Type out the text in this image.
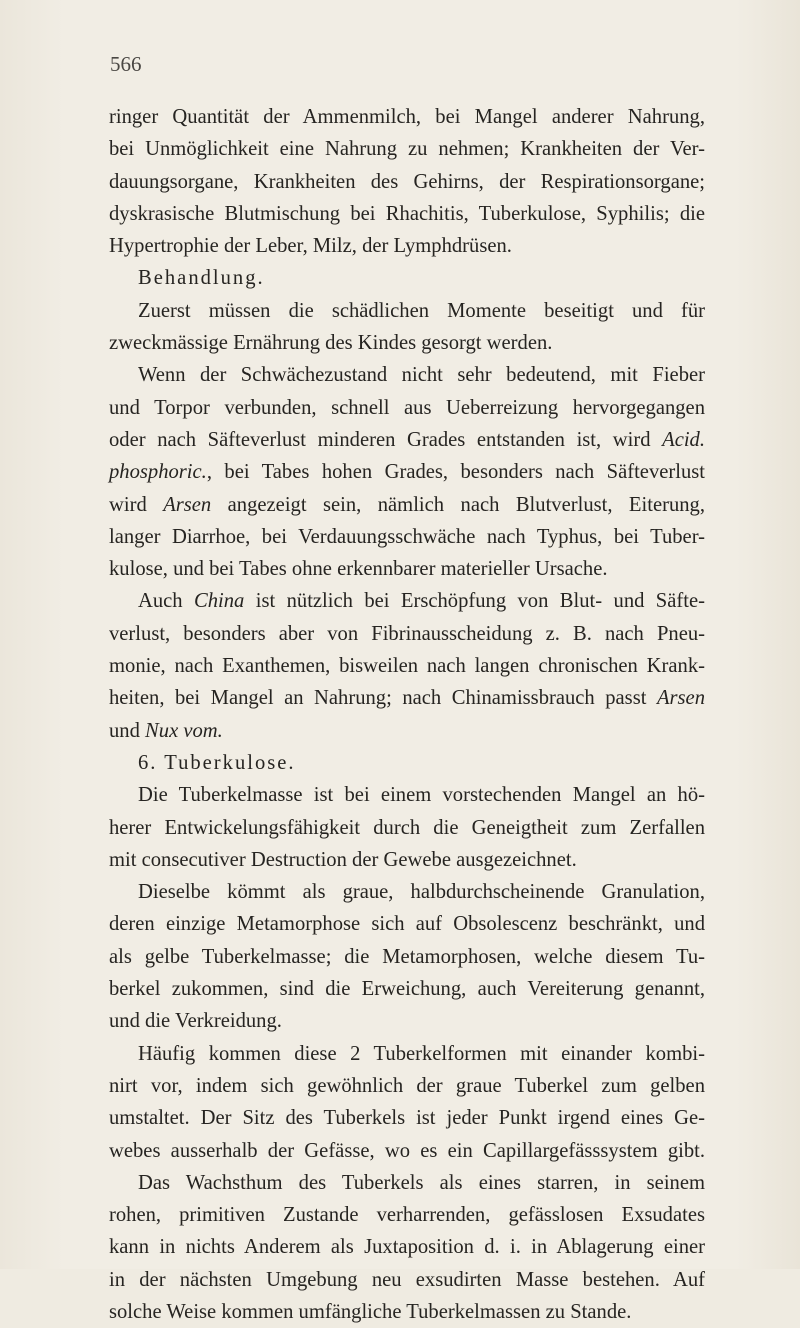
566
ringer Quantität der Ammenmilch, bei Mangel anderer Nahrung,
bei Unmöglichkeit eine Nahrung zu nehmen; Krankheiten der Ver-
dauungsorgane, Krankheiten des Gehirns, der Respirationsorgane;
dyskrasische Blutmischung bei Rhachitis, Tuberkulose, Syphilis; die
Hypertrophie der Leber, Milz, der Lymphdrüsen.
Behandlung.
Zuerst müssen die schädlichen Momente beseitigt und für
zweckmässige Ernährung des Kindes gesorgt werden.
Wenn der Schwächezustand nicht sehr bedeutend, mit Fieber
und Torpor verbunden, schnell aus Ueberreizung hervorgegangen
oder nach Säfteverlust minderen Grades entstanden ist, wird Acid.
phosphoric., bei Tabes hohen Grades, besonders nach Säfteverlust
wird Arsen angezeigt sein, nämlich nach Blutverlust, Eiterung,
langer Diarrhoe, bei Verdauungsschwäche nach Typhus, bei Tuber-
kulose, und bei Tabes ohne erkennbarer materieller Ursache.
Auch China ist nützlich bei Erschöpfung von Blut- und Säfte-
verlust, besonders aber von Fibrinausscheidung z. B. nach Pneu-
monie, nach Exanthemen, bisweilen nach langen chronischen Krank-
heiten, bei Mangel an Nahrung; nach Chinamissbrauch passt Arsen
und Nux vom.
6. Tuberkulose.
Die Tuberkelmasse ist bei einem vorstechenden Mangel an hö-
herer Entwickelungsfähigkeit durch die Geneigtheit zum Zerfallen
mit consecutiver Destruction der Gewebe ausgezeichnet.
Dieselbe kömmt als graue, halbdurchscheinende Granulation,
deren einzige Metamorphose sich auf Obsolescenz beschränkt, und
als gelbe Tuberkelmasse; die Metamorphosen, welche diesem Tu-
berkel zukommen, sind die Erweichung, auch Vereiterung genannt,
und die Verkreidung.
Häufig kommen diese 2 Tuberkelformen mit einander kombi-
nirt vor, indem sich gewöhnlich der graue Tuberkel zum gelben
umstaltet. Der Sitz des Tuberkels ist jeder Punkt irgend eines Ge-
webes ausserhalb der Gefässe, wo es ein Capillargefässsystem gibt.
Das Wachsthum des Tuberkels als eines starren, in seinem
rohen, primitiven Zustande verharrenden, gefässlosen Exsudates
kann in nichts Anderem als Juxtaposition d. i. in Ablagerung einer
in der nächsten Umgebung neu exsudirten Masse bestehen. Auf
solche Weise kommen umfängliche Tuberkelmassen zu Stande.
